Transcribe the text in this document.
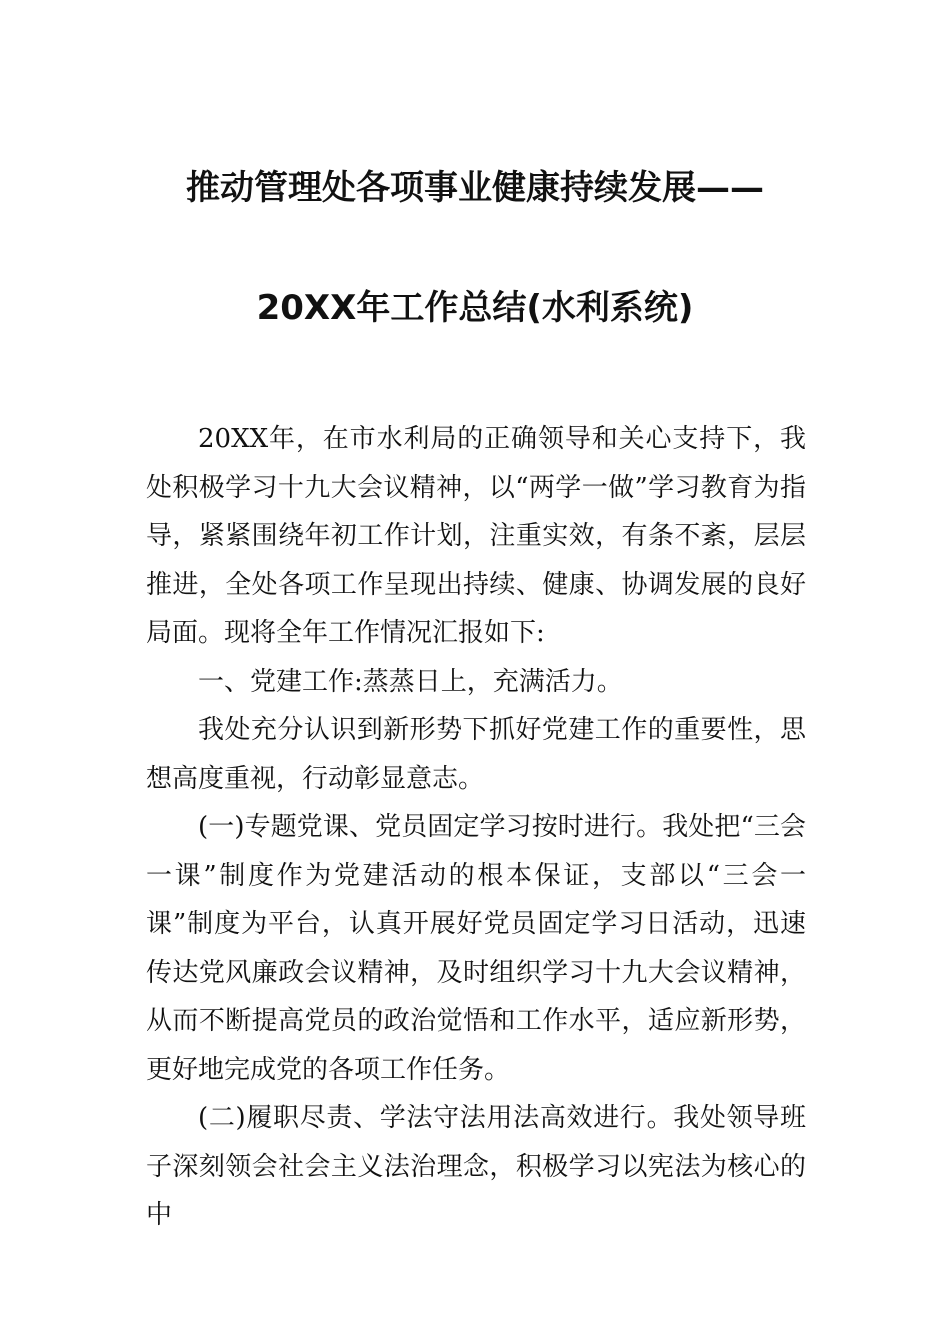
推动管理处各项事业健康持续发展——
20XX年工作总结(水利系统)

20XX年，在市水利局的正确领导和关心支持下，我处积极学习十九大会议精神，以“两学一做”学习教育为指导，紧紧围绕年初工作计划，注重实效，有条不紊，层层推进，全处各项工作呈现出持续、健康、协调发展的良好局面。现将全年工作情况汇报如下:

一、党建工作:蒸蒸日上，充满活力。

我处充分认识到新形势下抓好党建工作的重要性，思想高度重视，行动彰显意志。

(一)专题党课、党员固定学习按时进行。我处把“三会一课”制度作为党建活动的根本保证，支部以“三会一课”制度为平台，认真开展好党员固定学习日活动，迅速传达党风廉政会议精神，及时组织学习十九大会议精神，从而不断提高党员的政治觉悟和工作水平，适应新形势，更好地完成党的各项工作任务。

(二)履职尽责、学法守法用法高效进行。我处领导班子深刻领会社会主义法治理念，积极学习以宪法为核心的中
